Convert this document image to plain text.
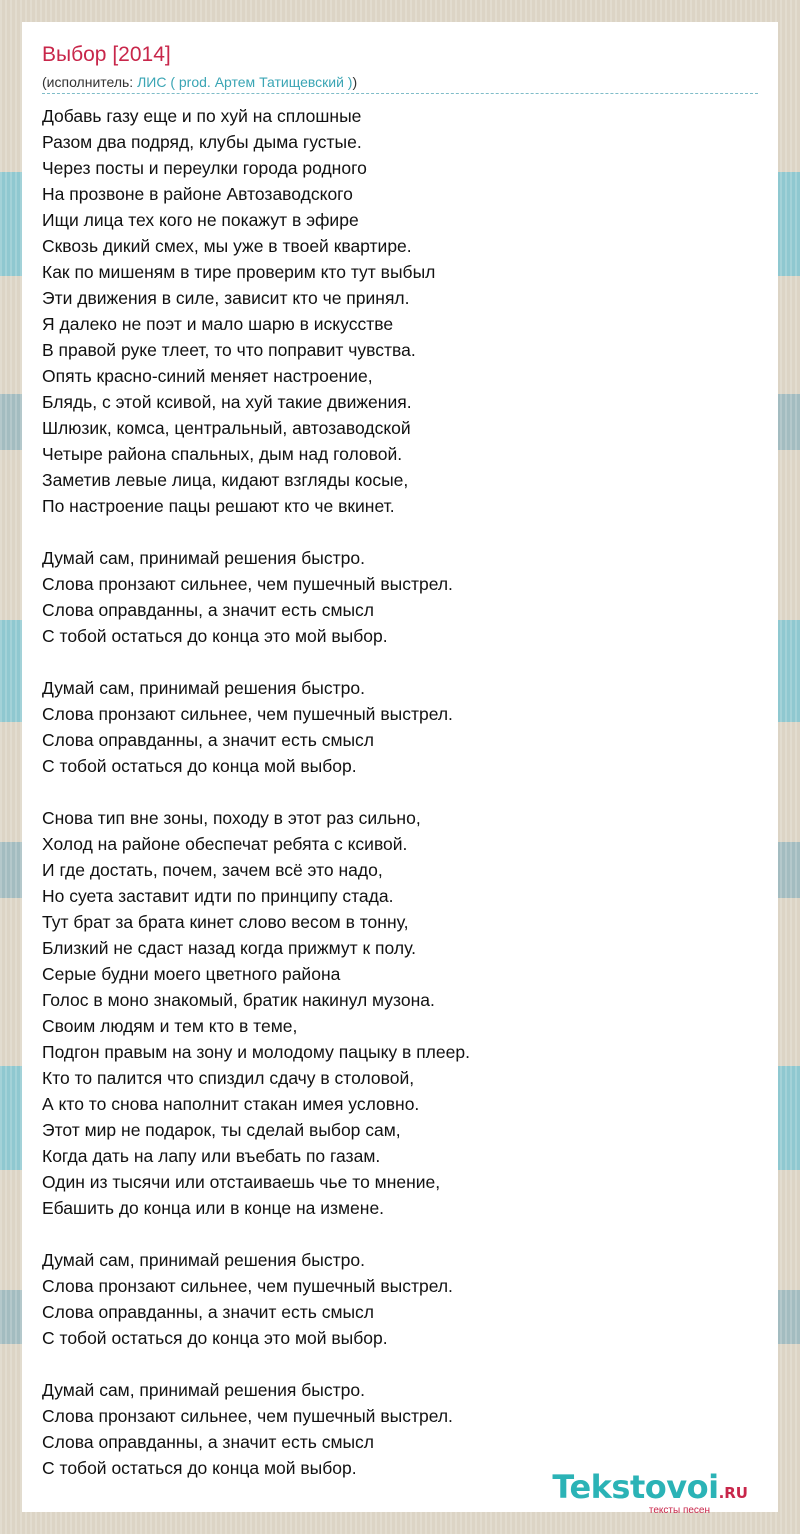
Выбор [2014]
(исполнитель: ЛИС ( prod. Артем Татищевский ))
Добавь газу еще и по хуй на сплошные
Разом два подряд, клубы дыма густые.
Через посты и переулки города родного
На прозвоне в районе Автозаводского
Ищи лица тех кого не покажут в эфире
Сквозь дикий смех, мы уже в твоей квартире.
Как по мишеням в тире проверим кто тут выбыл
Эти движения в силе, зависит кто че принял.
Я далеко не поэт и мало шарю в искусстве
В правой руке тлеет, то что поправит чувства.
Опять красно-синий меняет настроение,
Блядь, с этой ксивой, на хуй такие движения.
Шлюзик, комса, центральный, автозаводской
Четыре района спальных, дым над головой.
Заметив левые лица, кидают взгляды косые,
По настроение пацы решают кто че вкинет.
Думай сам, принимай решения быстро.
Слова пронзают сильнее, чем пушечный выстрел.
Слова оправданны, а значит есть смысл
С тобой остаться до конца это мой выбор.
Думай сам, принимай решения быстро.
Слова пронзают сильнее, чем пушечный выстрел.
Слова оправданны, а значит есть смысл
С тобой остаться до конца мой выбор.
Снова тип вне зоны, походу в этот раз сильно,
Холод на районе обеспечат ребята с ксивой.
И где достать, почем, зачем всё это надо,
Но суета заставит идти по принципу стада.
Тут брат за брата кинет слово весом в тонну,
Близкий не сдаст назад когда прижмут к полу.
Серые будни моего цветного района
Голос в моно знакомый, братик накинул музона.
Своим людям и тем кто в теме,
Подгон правым на зону и молодому пацыку в плеер.
Кто то палится что спиздил сдачу в столовой,
А кто то снова наполнит стакан имея условно.
Этот мир не подарок, ты сделай выбор сам,
Когда дать на лапу или въебать по газам.
Один из тысячи или отстаиваешь чье то мнение,
Ебашить до конца или в конце на измене.
Думай сам, принимай решения быстро.
Слова пронзают сильнее, чем пушечный выстрел.
Слова оправданны, а значит есть смысл
С тобой остаться до конца это мой выбор.
Думай сам, принимай решения быстро.
Слова пронзают сильнее, чем пушечный выстрел.
Слова оправданны, а значит есть смысл
С тобой остаться до конца мой выбор.	Tekstovoi.RU
тексты песен
